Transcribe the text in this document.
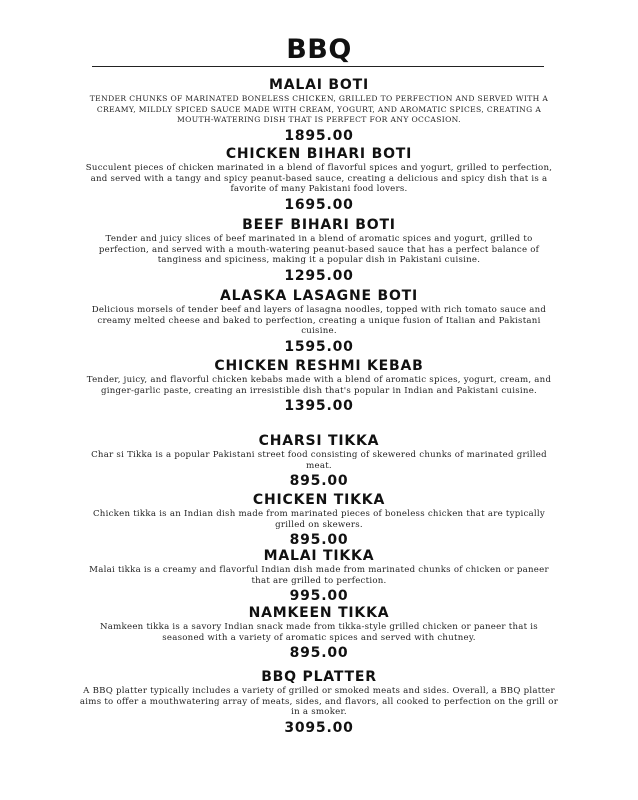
BBQ
MALAI BOTI
TENDER CHUNKS OF MARINATED BONELESS CHICKEN, GRILLED TO PERFECTION AND SERVED WITH A CREAMY, MILDLY SPICED SAUCE MADE WITH CREAM, YOGURT, AND AROMATIC SPICES, CREATING A MOUTH-WATERING DISH THAT IS PERFECT FOR ANY OCCASION.
1895.00
CHICKEN BIHARI BOTI
Succulent pieces of chicken marinated in a blend of flavorful spices and yogurt, grilled to perfection, and served with a tangy and spicy peanut-based sauce, creating a delicious and spicy dish that is a favorite of many Pakistani food lovers.
1695.00
BEEF BIHARI BOTI
Tender and juicy slices of beef marinated in a blend of aromatic spices and yogurt, grilled to perfection, and served with a mouth-watering peanut-based sauce that has a perfect balance of tanginess and spiciness, making it a popular dish in Pakistani cuisine.
1295.00
ALASKA LASAGNE BOTI
Delicious morsels of tender beef and layers of lasagna noodles, topped with rich tomato sauce and creamy melted cheese and baked to perfection, creating a unique fusion of Italian and Pakistani cuisine.
1595.00
CHICKEN RESHMI KEBAB
Tender, juicy, and flavorful chicken kebabs made with a blend of aromatic spices, yogurt, cream, and ginger-garlic paste, creating an irresistible dish that's popular in Indian and Pakistani cuisine.
1395.00
CHARSI TIKKA
Char si Tikka is a popular Pakistani street food consisting of skewered chunks of marinated grilled meat.
895.00
CHICKEN TIKKA
Chicken tikka is an Indian dish made from marinated pieces of boneless chicken that are typically grilled on skewers.
895.00
MALAI TIKKA
Malai tikka is a creamy and flavorful Indian dish made from marinated chunks of chicken or paneer that are grilled to perfection.
995.00
NAMKEEN TIKKA
Namkeen tikka is a savory Indian snack made from tikka-style grilled chicken or paneer that is seasoned with a variety of aromatic spices and served with chutney.
895.00
BBQ PLATTER
A BBQ platter typically includes a variety of grilled or smoked meats and sides. Overall, a BBQ platter aims to offer a mouthwatering array of meats, sides, and flavors, all cooked to perfection on the grill or in a smoker.
3095.00
